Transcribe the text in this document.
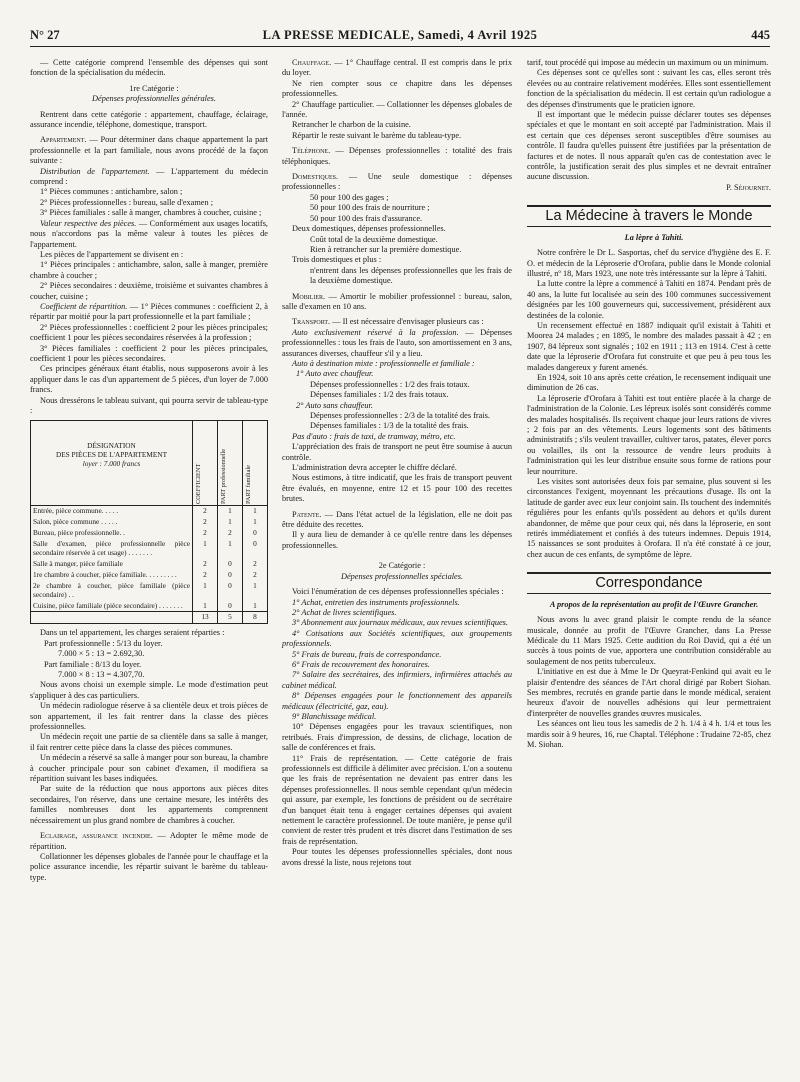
N° 27	LA PRESSE MEDICALE, Samedi, 4 Avril 1925	445

— Cette catégorie comprend l'ensemble des dépenses qui sont fonction de la spécialisation du médecin.

1re Catégorie :

Dépenses professionnelles générales.

Rentrent dans cette catégorie : appartement, chauffage, éclairage, assurance incendie, téléphone, domestique, transport.

Appartement. — Pour déterminer dans chaque appartement la part professionnelle et la part familiale, nous avons procédé de la façon suivante :

Distribution de l'appartement. — L'appartement du médecin comprend :

1° Pièces communes : antichambre, salon ;

2° Pièces professionnelles : bureau, salle d'examen ;

3° Pièces familiales : salle à manger, chambres à coucher, cuisine ;

Valeur respective des pièces. — Conformément aux usages locatifs, nous n'accordons pas la même valeur à toutes les pièces de l'appartement.

Les pièces de l'appartement se divisent en :

1° Pièces principales : antichambre, salon, salle à manger, première chambre à coucher ;

2° Pièces secondaires : deuxième, troisième et suivantes chambres à coucher, cuisine ;

Coefficient de répartition. — 1° Pièces communes : coefficient 2, à répartir par moitié pour la part professionnelle et la part familiale ;

2° Pièces professionnelles : coefficient 2 pour les pièces principales; coefficient 1 pour les pièces secondaires réservées à la profession ;

3° Pièces familiales : coefficient 2 pour les pièces principales, coefficient 1 pour les pièces secondaires.

Ces principes généraux étant établis, nous supposerons avoir à les appliquer dans le cas d'un appartement de 5 pièces, d'un loyer de 7.000 francs.

Nous dressérons le tableau suivant, qui pourra servir de tableau-type :

DÉSIGNATION
DES PIÈCES DE L'APPARTEMENT
loyer : 7.000 francs	COEFFICIENT	PART professionnelle	PART familiale

Entrée, pièce commune. . . . .	2	1	1
Salon, pièce commune . . . . .	2	1	1
Bureau, pièce professionnelle. .	2	2	0
Salle d'examen, pièce professionnelle pièce secondaire réservée à cet usage) . . . . . . .	1	1	0
Salle à manger, pièce familiale	2	0	2
1re chambre à coucher, pièce familiale. . . . . . . . .	2	0	2
2e chambre à coucher, pièce familiale (pièce secondaire) . .	1	0	1
Cuisine, pièce familiale (pièce secondaire) . . . . . . .	1	0	1
	13	5	8

Dans un tel appartement, les charges seraient réparties :

Part professionnelle : 5/13 du loyer.

7.000 × 5 : 13 = 2.692,30.

Part familiale : 8/13 du loyer.

7.000 × 8 : 13 = 4.307,70.

Nous avons choisi un exemple simple. Le mode d'estimation peut s'appliquer à des cas particuliers.

Un médecin radiologue réserve à sa clientèle deux et trois pièces de son appartement, il les fait rentrer dans la classe des pièces professionnelles.

Un médecin reçoit une partie de sa clientèle dans sa salle à manger, il fait rentrer cette pièce dans la classe des pièces communes.

Un médecin a réservé sa salle à manger pour son bureau, la chambre à coucher principale pour son cabinet d'examen, il modifiera sa répartition suivant les bases indiquées.

Par suite de la réduction que nous apportons aux pièces dites secondaires, l'on réserve, dans une certaine mesure, les intérêts des familles nombreuses dont les appartements comprennent nécessairement un plus grand nombre de chambres à coucher.

Eclairage, assurance incendie. — Adopter le même mode de répartition.

Collationner les dépenses globales de l'année pour le chauffage et la police assurance incendie, les répartir suivant le barème du tableau-type.

Chauffage. — 1° Chauffage central. Il est compris dans le prix du loyer.

Ne rien compter sous ce chapitre dans les dépenses professionnelles.

2° Chauffage particulier. — Collationner les dépenses globales de l'année.

Retrancher le charbon de la cuisine.

Répartir le reste suivant le barème du tableau-type.

Téléphone. — Dépenses professionnelles : totalité des frais téléphoniques.

Domestiques. — Une seule domestique : dépenses professionnelles :

50 pour 100 des gages ;

50 pour 100 des frais de nourriture ;

50 pour 100 des frais d'assurance.

Deux domestiques, dépenses professionnelles.

Coût total de la deuxième domestique.

Rien à retrancher sur la première domestique.

Trois domestiques et plus :

n'entrent dans les dépenses professionnelles que les frais de la deuxième domestique.

Mobilier. — Amortir le mobilier professionnel : bureau, salon, salle d'examen en 10 ans.

Transport. — Il est nécessaire d'envisager plusieurs cas :

Auto exclusivement réservé à la profession. — Dépenses professionnelles : tous les frais de l'auto, son amortissement en 3 ans, assurances diverses, chauffeur s'il y a lieu.

Auto à destination mixte : professionnelle et familiale :

1° Auto avec chauffeur.

Dépenses professionnelles : 1/2 des frais totaux.

Dépenses familiales : 1/2 des frais totaux.

2° Auto sans chauffeur.

Dépenses professionnelles : 2/3 de la totalité des frais.

Dépenses familiales : 1/3 de la totalité des frais.

Pas d'auto : frais de taxi, de tramway, métro, etc.

L'appréciation des frais de transport ne peut être soumise à aucun contrôle.

L'administration devra accepter le chiffre déclaré.

Nous estimons, à titre indicatif, que les frais de transport peuvent être évalués, en moyenne, entre 12 et 15 pour 100 des recettes brutes.

Patente. — Dans l'état actuel de la législation, elle ne doit pas être déduite des recettes.

Il y aura lieu de demander à ce qu'elle rentre dans les dépenses professionnelles.

2e Catégorie :

Dépenses professionnelles spéciales.

Voici l'énumération de ces dépenses professionnelles spéciales :

1° Achat, entretien des instruments professionnels.

2° Achat de livres scientifiques.

3° Abonnement aux journaux médicaux, aux revues scientifiques.

4° Cotisations aux Sociétés scientifiques, aux groupements professionnels.

5° Frais de bureau, frais de correspondance.

6° Frais de recouvrement des honoraires.

7° Salaire des secrétaires, des infirmiers, infirmières attachés au cabinet médical.

8° Dépenses engagées pour le fonctionnement des appareils médicaux (électricité, gaz, eau).

9° Blanchissage médical.

10° Dépenses engagées pour les travaux scientifiques, non retribués. Frais d'impression, de dessins, de clichage, location de salle de conférences et frais.

11° Frais de représentation. — Cette catégorie de frais professionnels est difficile à délimiter avec précision. L'on a soutenu que les frais de représentation ne devaient pas entrer dans les dépenses professionnelles. Il nous semble cependant qu'un médecin qui assure, par exemple, les fonctions de président ou de secrétaire d'un banquet était tenu à engager certaines dépenses qui avaient nettement le caractère professionnel. De toute manière, je pense qu'il convient de rester très prudent et très discret dans l'estimation de ses frais de représentation.

Pour toutes les dépenses professionnelles spéciales, dont nous avons dressé la liste, nous rejetons tout

tarif, tout procédé qui impose au médecin un maximum ou un minimum.

Ces dépenses sont ce qu'elles sont : suivant les cas, elles seront très élevées ou au contraire relativement modérées. Elles sont essentiellement fonction de la spécialisation du médecin. Il est certain qu'un radiologue a des dépenses d'instruments que le praticien ignore.

Il est important que le médecin puisse déclarer toutes ses dépenses spéciales et que le montant en soit accepté par l'administration. Mais il est certain que ces dépenses seront susceptibles d'être soumises au contrôle. Il faudra qu'elles puissent être justifiées par la présentation de factures et de notes. Il nous apparaît qu'en cas de contestation avec le contrôle, la justification serait des plus simples et ne devrait entraîner aucune discussion.

P. Séjournet.

La Médecine à travers le Monde

La lèpre à Tahiti.

Notre confrère le Dr L. Sasportas, chef du service d'hygiène des E. F. O. et médecin de la Léproserie d'Orofara, publie dans le Monde colonial illustré, nº 18, Mars 1923, une note très intéressante sur la lèpre à Tahiti.

La lutte contre la lèpre a commencé à Tahiti en 1874. Pendant près de 40 ans, la lutte fut localisée au sein des 100 communes successivement désignées par les 100 gouverneurs qui, successivement, présidèrent aux destinées de la colonie.

Un recensement effectué en 1887 indiquait qu'il existait à Tahiti et Moorea 24 malades ; en 1895, le nombre des malades passait à 42 ; en 1907, 84 lépreux sont signalés ; 102 en 1911 ; 113 en 1914. C'est à cette date que la léproserie d'Orofara fut construite et que peu à peu tous les malades dangereux y furent amenés.

En 1924, soit 10 ans après cette création, le recensement indiquait une diminution de 26 cas.

La léproserie d'Orofara à Tahiti est tout entière placée à la charge de l'administration de la Colonie. Les lépreux isolés sont considérés comme des malades hospitalisés. Ils reçoivent chaque jour leurs rations de vivres ; 2 fois par an des vêtements. Leurs logements sont des bâtiments administratifs ; s'ils veulent travailler, cultiver taros, patates, élever porcs ou volailles, ils ont la ressource de vendre leurs produits à l'administration qui les leur distribue ensuite sous forme de rations pour leur nourriture.

Les visites sont autorisées deux fois par semaine, plus souvent si les circonstances l'exigent, moyennant les précautions d'usage. Ils ont la latitude de garder avec eux leur conjoint sain. Ils touchent des indemnités régulières pour les enfants qu'ils possèdent au dehors et qu'ils durent abandonner, de même que pour ceux qui, nés dans la léproserie, en sont retirés immédiatement et confiés à des tuteurs indemnes. Depuis 1914, 15 naissances se sont produites à Orofara. Il n'a été constaté à ce jour, chez aucun de ces enfants, de symptôme de lèpre.

Correspondance

A propos de la représentation au profit de l'Œuvre Grancher.

Nous avons lu avec grand plaisir le compte rendu de la séance musicale, donnée au profit de l'Œuvre Grancher, dans La Presse Médicale du 11 Mars 1925. Cette audition du Roi David, qui a été un succès à tous points de vue, apportera une contribution considérable au soulagement de nos petits tuberculeux.

L'initiative en est due à Mme le Dr Queyrat-Fenkind qui avait eu le plaisir d'entendre des séances de l'Art choral dirigé par Robert Siohan. Ses membres, recrutés en grande partie dans le monde médical, seraient heureux d'avoir de nouvelles adhésions qui leur permettraient d'interpréter de nouvelles grandes œuvres musicales.

Les séances ont lieu tous les samedis de 2 h. 1/4 à 4 h. 1/4 et tous les mardis soir à 9 heures, 16, rue Chaptal. Téléphone : Trudaine 72-85, chez M. Siohan.
